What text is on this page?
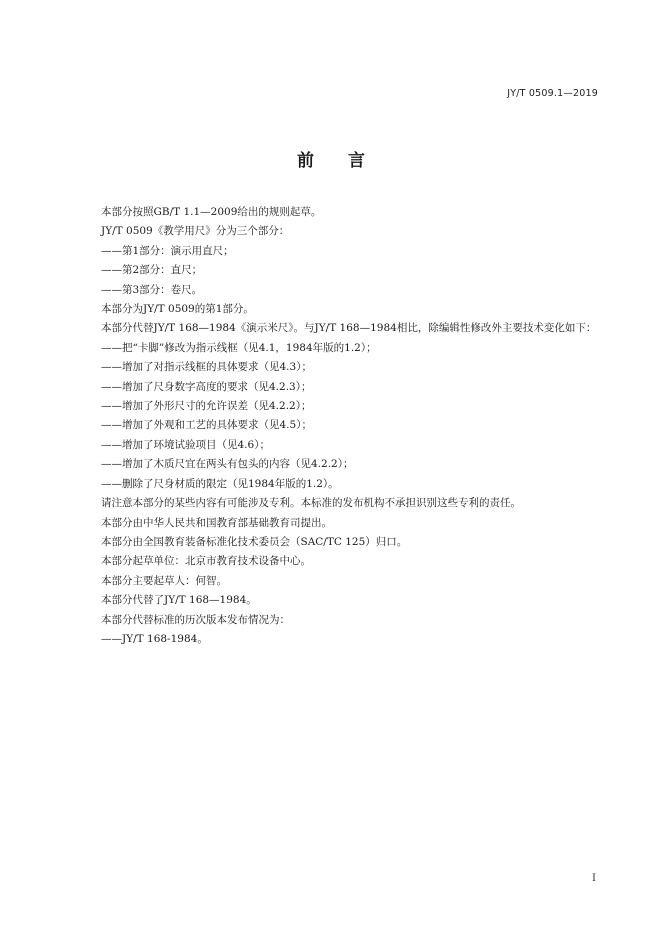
JY/T 0509.1—2019
前言

本部分按照GB/T 1.1—2009给出的规则起草。

JY/T 0509《教学用尺》分为三个部分：

——第1部分：演示用直尺；

——第2部分：直尺；

——第3部分：卷尺。

本部分为JY/T 0509的第1部分。

本部分代替JY/T 168—1984《演示米尺》。与JY/T 168—1984相比，除编辑性修改外主要技术变化如下：

——把“卡脚”修改为指示线框（见4.1，1984年版的1.2）；

——增加了对指示线框的具体要求（见4.3）；

——增加了尺身数字高度的要求（见4.2.3）；

——增加了外形尺寸的允许误差（见4.2.2）；

——增加了外观和工艺的具体要求（见4.5）；

——增加了环境试验项目（见4.6）；

——增加了木质尺宜在两头有包头的内容（见4.2.2）；

——删除了尺身材质的限定（见1984年版的1.2）。

请注意本部分的某些内容有可能涉及专利。本标准的发布机构不承担识别这些专利的责任。

本部分由中华人民共和国教育部基础教育司提出。

本部分由全国教育装备标准化技术委员会（SAC/TC 125）归口。

本部分起草单位：北京市教育技术设备中心。

本部分主要起草人：何智。

本部分代替了JY/T 168—1984。

本部分代替标准的历次版本发布情况为：

——JY/T 168-1984。

I
